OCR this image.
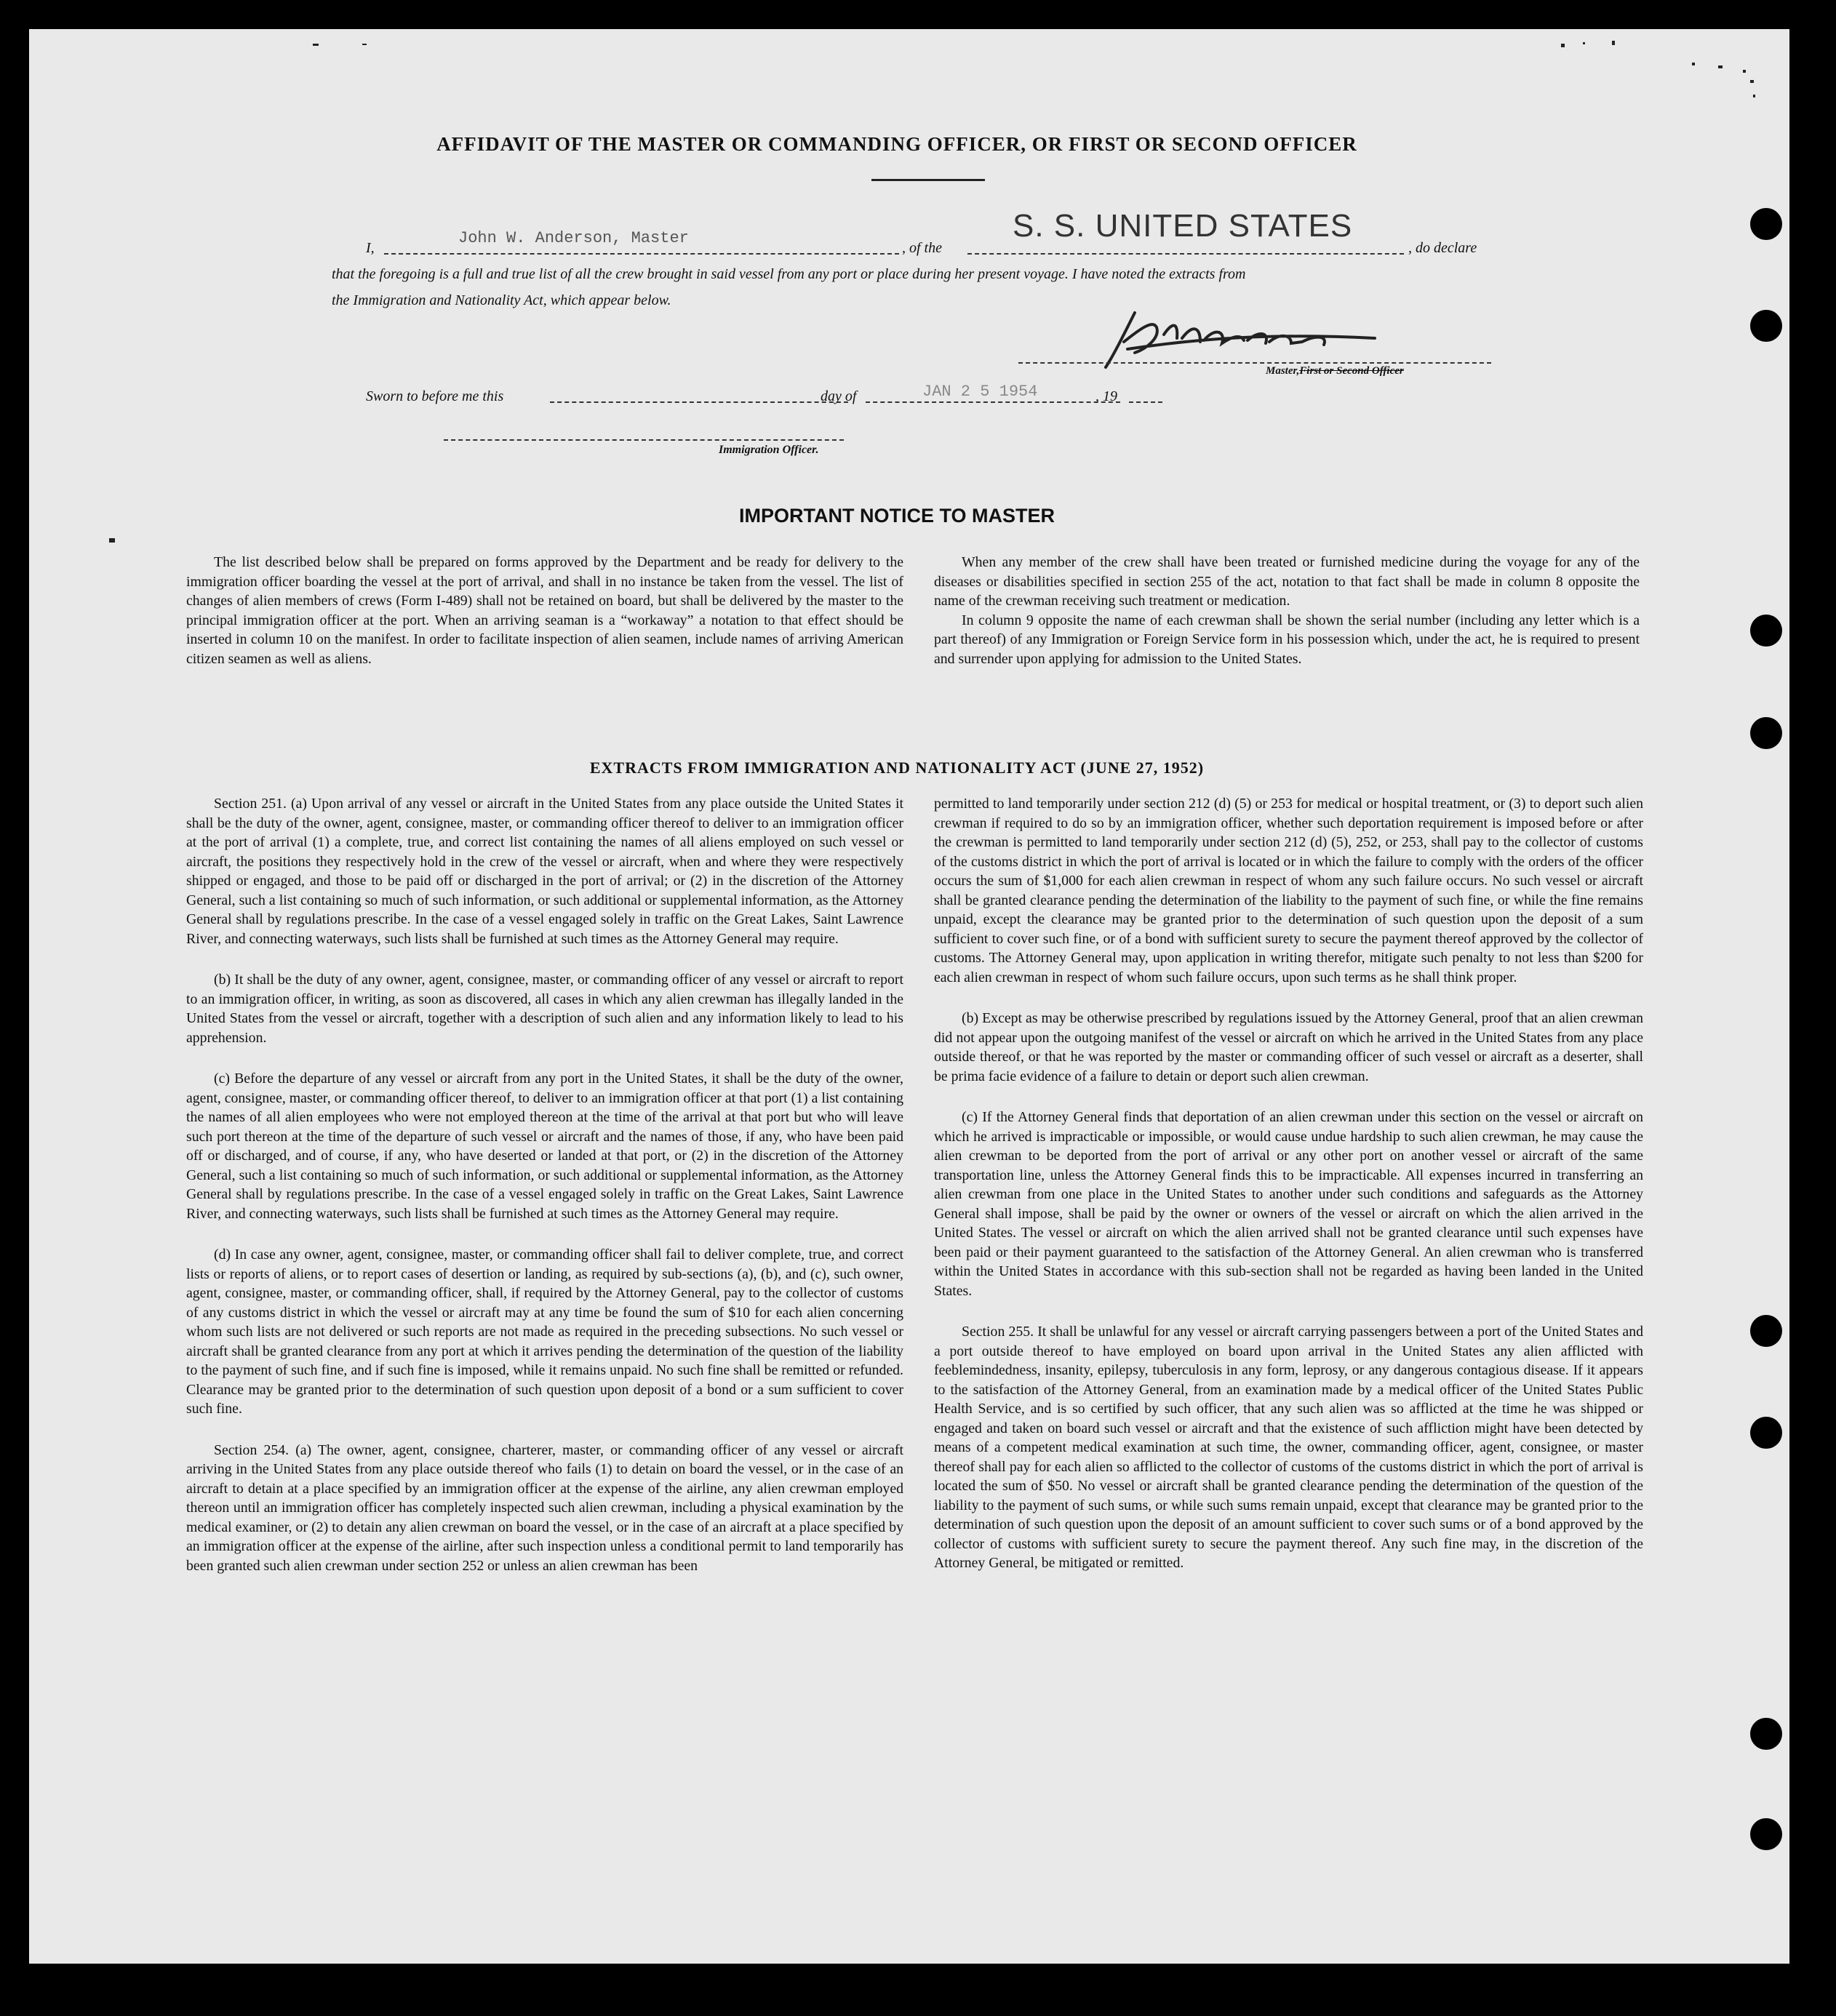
AFFIDAVIT OF THE MASTER OR COMMANDING OFFICER, OR FIRST OR SECOND OFFICER
I,
John W. Anderson, Master
, of the
S. S. UNITED STATES
, do declare
that the foregoing is a full and true list of all the crew brought in said vessel from any port or place during her present voyage. I have noted the extracts from
the Immigration and Nationality Act, which appear below.
Master,First or Second Officer
Sworn to before me this	day of	JAN 2 5 1954	, 19
Immigration Officer.
IMPORTANT NOTICE TO MASTER

The list described below shall be prepared on forms approved by the Department and be ready for delivery to the immigration officer boarding the vessel at the port of arrival, and shall in no instance be taken from the vessel. The list of changes of alien members of crews (Form I-489) shall not be retained on board, but shall be delivered by the master to the principal immigration officer at the port. When an arriving seaman is a “workaway” a notation to that effect should be inserted in column 10 on the manifest. In order to facilitate inspection of alien seamen, include names of arriving American citizen seamen as well as aliens.

When any member of the crew shall have been treated or furnished medicine during the voyage for any of the diseases or disabilities specified in section 255 of the act, notation to that fact shall be made in column 8 opposite the name of the crewman receiving such treatment or medication.

In column 9 opposite the name of each crewman shall be shown the serial number (including any letter which is a part thereof) of any Immigration or Foreign Service form in his possession which, under the act, he is required to present and surrender upon applying for admission to the United States.

EXTRACTS FROM IMMIGRATION AND NATIONALITY ACT (JUNE 27, 1952)

Section 251. (a) Upon arrival of any vessel or aircraft in the United States from any place outside the United States it shall be the duty of the owner, agent, consignee, master, or commanding officer thereof to deliver to an immigration officer at the port of arrival (1) a complete, true, and correct list containing the names of all aliens employed on such vessel or aircraft, the positions they respectively hold in the crew of the vessel or aircraft, when and where they were respectively shipped or engaged, and those to be paid off or discharged in the port of arrival; or (2) in the discretion of the Attorney General, such a list containing so much of such information, or such additional or supplemental information, as the Attorney General shall by regulations prescribe. In the case of a vessel engaged solely in traffic on the Great Lakes, Saint Lawrence River, and connecting waterways, such lists shall be furnished at such times as the Attorney General may require.

(b) It shall be the duty of any owner, agent, consignee, master, or commanding officer of any vessel or aircraft to report to an immigration officer, in writing, as soon as discovered, all cases in which any alien crewman has illegally landed in the United States from the vessel or aircraft, together with a description of such alien and any information likely to lead to his apprehension.

(c) Before the departure of any vessel or aircraft from any port in the United States, it shall be the duty of the owner, agent, consignee, master, or commanding officer thereof, to deliver to an immigration officer at that port (1) a list containing the names of all alien employees who were not employed thereon at the time of the arrival at that port but who will leave such port thereon at the time of the departure of such vessel or aircraft and the names of those, if any, who have been paid off or discharged, and of course, if any, who have deserted or landed at that port, or (2) in the discretion of the Attorney General, such a list containing so much of such information, or such additional or supplemental information, as the Attorney General shall by regulations prescribe. In the case of a vessel engaged solely in traffic on the Great Lakes, Saint Lawrence River, and connecting waterways, such lists shall be furnished at such times as the Attorney General may require.

(d) In case any owner, agent, consignee, master, or commanding officer shall fail to deliver complete, true, and correct lists or reports of aliens, or to report cases of desertion or landing, as required by sub-sections (a), (b), and (c), such owner, agent, consignee, master, or commanding officer, shall, if required by the Attorney General, pay to the collector of customs of any customs district in which the vessel or aircraft may at any time be found the sum of $10 for each alien concerning whom such lists are not delivered or such reports are not made as required in the preceding subsections. No such vessel or aircraft shall be granted clearance from any port at which it arrives pending the determination of the question of the liability to the payment of such fine, and if such fine is imposed, while it remains unpaid. No such fine shall be remitted or refunded. Clearance may be granted prior to the determination of such question upon deposit of a bond or a sum sufficient to cover such fine.

Section 254. (a) The owner, agent, consignee, charterer, master, or commanding officer of any vessel or aircraft arriving in the United States from any place outside thereof who fails (1) to detain on board the vessel, or in the case of an aircraft to detain at a place specified by an immigration officer at the expense of the airline, any alien crewman employed thereon until an immigration officer has completely inspected such alien crewman, including a physical examination by the medical examiner, or (2) to detain any alien crewman on board the vessel, or in the case of an aircraft at a place specified by an immigration officer at the expense of the airline, after such inspection unless a conditional permit to land temporarily has been granted such alien crewman under section 252 or unless an alien crewman has been

permitted to land temporarily under section 212 (d) (5) or 253 for medical or hospital treatment, or (3) to deport such alien crewman if required to do so by an immigration officer, whether such deportation requirement is imposed before or after the crewman is permitted to land temporarily under section 212 (d) (5), 252, or 253, shall pay to the collector of customs of the customs district in which the port of arrival is located or in which the failure to comply with the orders of the officer occurs the sum of $1,000 for each alien crewman in respect of whom any such failure occurs. No such vessel or aircraft shall be granted clearance pending the determination of the liability to the payment of such fine, or while the fine remains unpaid, except the clearance may be granted prior to the determination of such question upon the deposit of a sum sufficient to cover such fine, or of a bond with sufficient surety to secure the payment thereof approved by the collector of customs. The Attorney General may, upon application in writing therefor, mitigate such penalty to not less than $200 for each alien crewman in respect of whom such failure occurs, upon such terms as he shall think proper.

(b) Except as may be otherwise prescribed by regulations issued by the Attorney General, proof that an alien crewman did not appear upon the outgoing manifest of the vessel or aircraft on which he arrived in the United States from any place outside thereof, or that he was reported by the master or commanding officer of such vessel or aircraft as a deserter, shall be prima facie evidence of a failure to detain or deport such alien crewman.

(c) If the Attorney General finds that deportation of an alien crewman under this section on the vessel or aircraft on which he arrived is impracticable or impossible, or would cause undue hardship to such alien crewman, he may cause the alien crewman to be deported from the port of arrival or any other port on another vessel or aircraft of the same transportation line, unless the Attorney General finds this to be impracticable. All expenses incurred in transferring an alien crewman from one place in the United States to another under such conditions and safeguards as the Attorney General shall impose, shall be paid by the owner or owners of the vessel or aircraft on which the alien arrived in the United States. The vessel or aircraft on which the alien arrived shall not be granted clearance until such expenses have been paid or their payment guaranteed to the satisfaction of the Attorney General. An alien crewman who is transferred within the United States in accordance with this sub-section shall not be regarded as having been landed in the United States.

Section 255. It shall be unlawful for any vessel or aircraft carrying passengers between a port of the United States and a port outside thereof to have employed on board upon arrival in the United States any alien afflicted with feeblemindedness, insanity, epilepsy, tuberculosis in any form, leprosy, or any dangerous contagious disease. If it appears to the satisfaction of the Attorney General, from an examination made by a medical officer of the United States Public Health Service, and is so certified by such officer, that any such alien was so afflicted at the time he was shipped or engaged and taken on board such vessel or aircraft and that the existence of such affliction might have been detected by means of a competent medical examination at such time, the owner, commanding officer, agent, consignee, or master thereof shall pay for each alien so afflicted to the collector of customs of the customs district in which the port of arrival is located the sum of $50. No vessel or aircraft shall be granted clearance pending the determination of the question of the liability to the payment of such sums, or while such sums remain unpaid, except that clearance may be granted prior to the determination of such question upon the deposit of an amount sufficient to cover such sums or of a bond approved by the collector of customs with sufficient surety to secure the payment thereof. Any such fine may, in the discretion of the Attorney General, be mitigated or remitted.
